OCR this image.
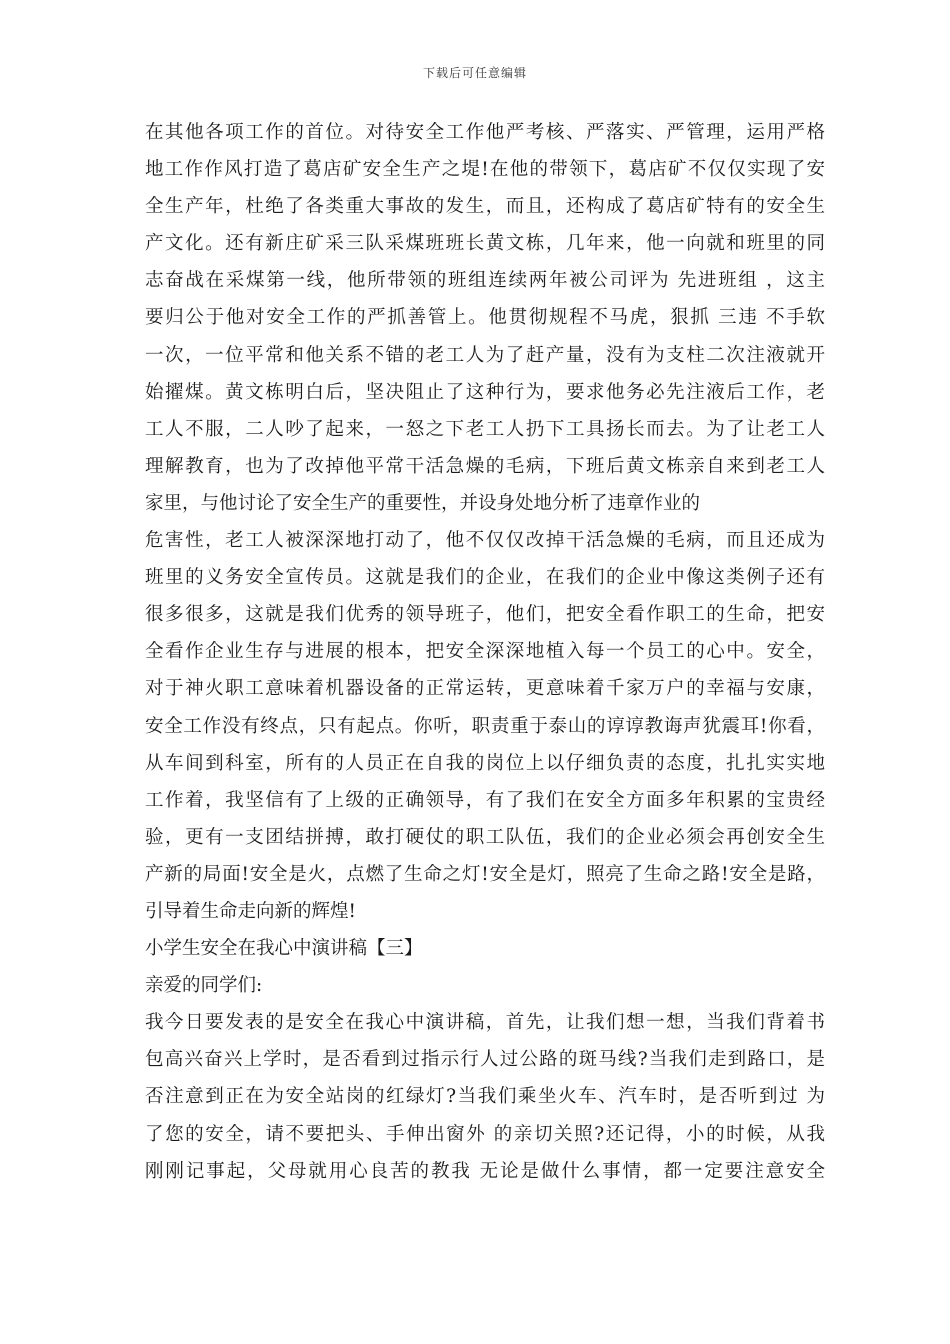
下载后可任意编辑
在其他各项工作的首位。对待安全工作他严考核、严落实、严管理，运用严格
地工作作风打造了葛店矿安全生产之堤!在他的带领下，葛店矿不仅仅实现了安
全生产年，杜绝了各类重大事故的发生，而且，还构成了葛店矿特有的安全生
产文化。还有新庄矿采三队采煤班班长黄文栋，几年来，他一向就和班里的同
志奋战在采煤第一线，他所带领的班组连续两年被公司评为 先进班组 ，这主
要归公于他对安全工作的严抓善管上。他贯彻规程不马虎，狠抓 三违 不手软
一次，一位平常和他关系不错的老工人为了赶产量，没有为支柱二次注液就开
始擢煤。黄文栋明白后，坚决阻止了这种行为，要求他务必先注液后工作，老
工人不服，二人吵了起来，一怒之下老工人扔下工具扬长而去。为了让老工人
理解教育，也为了改掉他平常干活急燥的毛病，下班后黄文栋亲自来到老工人
家里，与他讨论了安全生产的重要性，并设身处地分析了违章作业的
危害性，老工人被深深地打动了，他不仅仅改掉干活急燥的毛病，而且还成为
班里的义务安全宣传员。这就是我们的企业，在我们的企业中像这类例子还有
很多很多，这就是我们优秀的领导班子，他们，把安全看作职工的生命，把安
全看作企业生存与进展的根本，把安全深深地植入每一个员工的心中。安全，
对于神火职工意味着机器设备的正常运转，更意味着千家万户的幸福与安康，
安全工作没有终点，只有起点。你听，职责重于泰山的谆谆教诲声犹震耳!你看，
从车间到科室，所有的人员正在自我的岗位上以仔细负责的态度，扎扎实实地
工作着，我坚信有了上级的正确领导，有了我们在安全方面多年积累的宝贵经
验，更有一支团结拼搏，敢打硬仗的职工队伍，我们的企业必须会再创安全生
产新的局面!安全是火，点燃了生命之灯!安全是灯，照亮了生命之路!安全是路，
引导着生命走向新的辉煌!
小学生安全在我心中演讲稿【三】
亲爱的同学们:
我今日要发表的是安全在我心中演讲稿，首先，让我们想一想，当我们背着书
包高兴奋兴上学时，是否看到过指示行人过公路的斑马线?当我们走到路口，是
否注意到正在为安全站岗的红绿灯?当我们乘坐火车、汽车时，是否听到过 为
了您的安全，请不要把头、手伸出窗外 的亲切关照?还记得，小的时候，从我
刚刚记事起，父母就用心良苦的教我 无论是做什么事情，都一定要注意安全
